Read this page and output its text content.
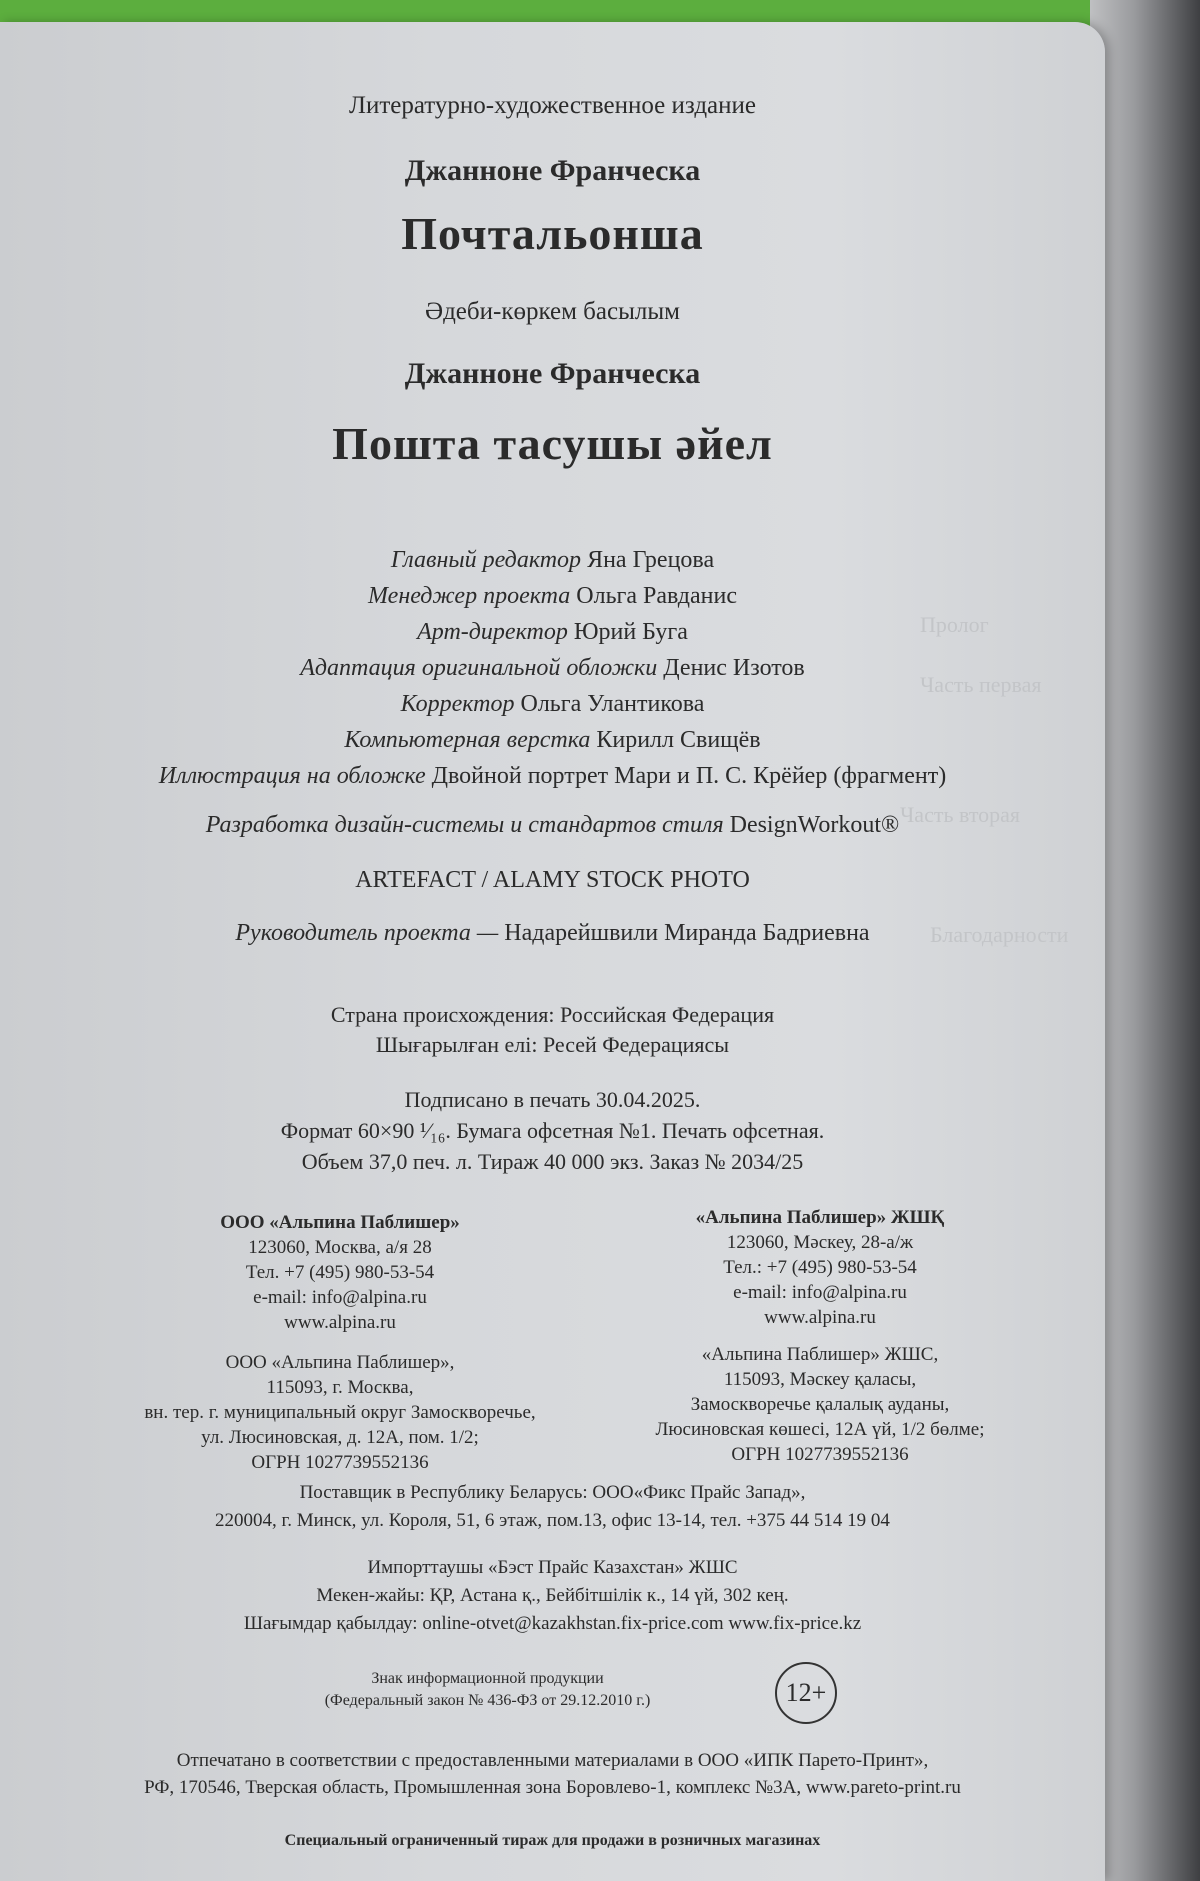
Пролог
Часть первая
Часть вторая
Благодарности
Литературно-художественное издание
Джаннонe Франческа
Почтальонша
Әдеби-көркем басылым
Джаннонe Франческа
Пошта тасушы әйел
Главный редактор Яна Грецова
Менеджер проекта Ольга Равданис
Арт-директор Юрий Буга
Адаптация оригинальной обложки Денис Изотов
Корректор Ольга Улантикова
Компьютерная верстка Кирилл Свищёв
Иллюстрация на обложке Двойной портрет Мари и П. С. Крёйер (фрагмент)
Разработка дизайн-системы и стандартов стиля DesignWorkout®
ARTEFACT / ALAMY STOCK PHOTO
Руководитель проекта — Надарейшвили Миранда Бадриевна
Страна происхождения: Российская Федерация
Шығарылған елі: Ресей Федерациясы
Подписано в печать 30.04.2025.
Формат 60×90 ¹⁄₁₆. Бумага офсетная №1. Печать офсетная.
Объем 37,0 печ. л. Тираж 40 000 экз. Заказ № 2034/25
ООО «Альпина Паблишер»
123060, Москва, а/я 28
Тел. +7 (495) 980-53-54
e-mail: info@alpina.ru
www.alpina.ru
«Альпина Паблишер» ЖШҚ
123060, Мәскеу, 28-а/ж
Тел.: +7 (495) 980-53-54
e-mail: info@alpina.ru
www.alpina.ru
ООО «Альпина Паблишер»,
115093, г. Москва,
вн. тер. г. муниципальный округ Замоскворечье,
ул. Люсиновская, д. 12А, пом. 1/2;
ОГРН 1027739552136
«Альпина Паблишер» ЖШС,
115093, Мәскеу қаласы,
Замоскворечье қалалық ауданы,
Люсиновская көшесі, 12А үй, 1/2 бөлме;
ОГРН 1027739552136
Поставщик в Республику Беларусь: ООО«Фикс Прайс Запад»,
220004, г. Минск, ул. Короля, 51, 6 этаж, пом.13, офис 13-14, тел. +375 44 514 19 04
Импорттаушы «Бэст Прайс Казахстан» ЖШС
Мекен-жайы: ҚР, Астана қ., Бейбітшілік к., 14 үй, 302 кең.
Шағымдар қабылдау: online-otvet@kazakhstan.fix-price.com www.fix-price.kz
Знак информационной продукции
(Федеральный закон № 436-ФЗ от 29.12.2010 г.)	12+
Отпечатано в соответствии с предоставленными материалами в ООО «ИПК Парето-Принт»,
РФ, 170546, Тверская область, Промышленная зона Боровлево-1, комплекс №3А, www.pareto-print.ru
Специальный ограниченный тираж для продажи в розничных магазинах
